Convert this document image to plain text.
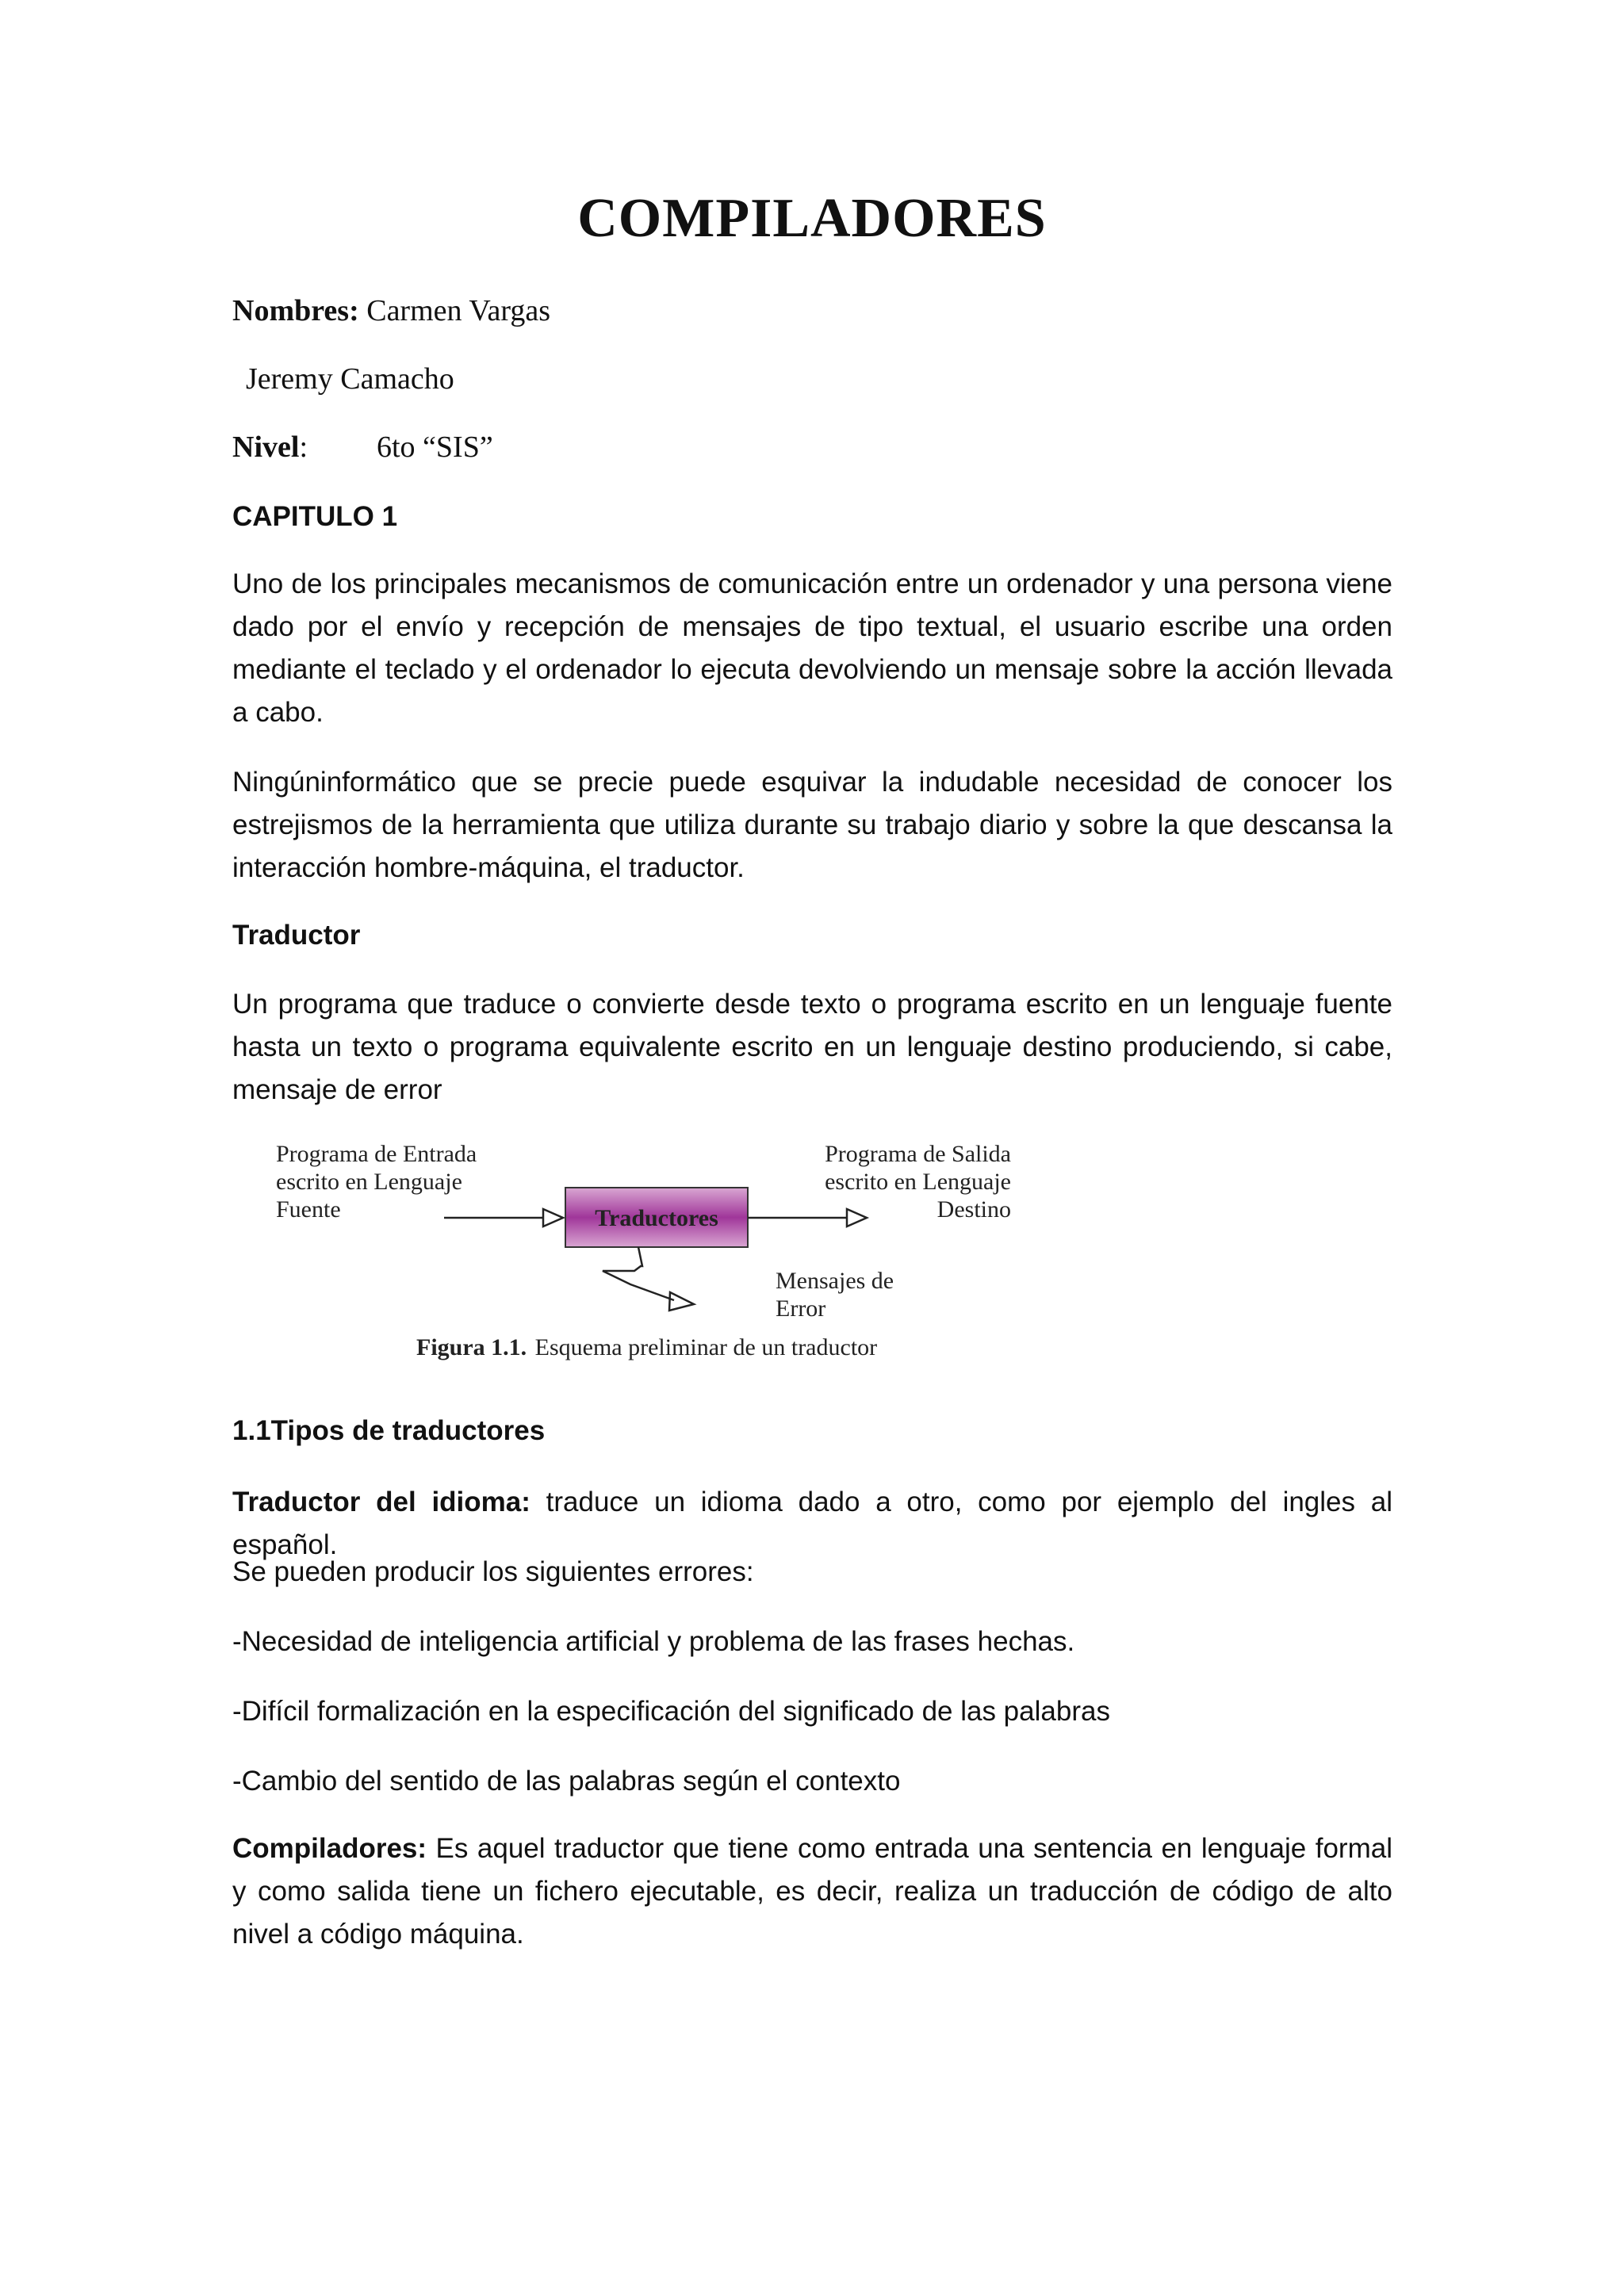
COMPILADORES

Nombres: Carmen Vargas

Jeremy Camacho

Nivel: 6to “SIS”

CAPITULO 1

Uno de los principales mecanismos de comunicación entre un ordenador y una persona viene dado por el envío y recepción de mensajes de tipo textual, el usuario escribe una orden mediante el teclado y el ordenador lo ejecuta devolviendo un mensaje sobre la acción llevada a cabo.

Ningúninformático que se precie puede esquivar la indudable necesidad de conocer los estrejismos de la herramienta que utiliza durante su trabajo diario y sobre la que descansa la interacción hombre-máquina, el traductor.

Traductor

Un programa que traduce o convierte desde texto o programa escrito en un lenguaje fuente hasta un texto o programa equivalente escrito en un lenguaje destino produciendo, si cabe, mensaje de error

Programa de Entrada
escrito en Lenguaje
Fuente	Traductores
Programa de Salida
escrito en Lenguaje
Destino
Mensajes de
Error
Figura 1.1. Esquema preliminar de un traductor
1.1Tipos de traductores

Traductor del idioma: traduce un idioma dado a otro, como por ejemplo del ingles al español.

Se pueden producir los siguientes errores:

-Necesidad de inteligencia artificial y problema de las frases hechas.

-Difícil formalización en la especificación del significado de las palabras

-Cambio del sentido de las palabras según el contexto

Compiladores: Es aquel traductor que tiene como entrada una sentencia en lenguaje formal y como salida tiene un fichero ejecutable, es decir, realiza un traducción de código de alto nivel a código máquina.
